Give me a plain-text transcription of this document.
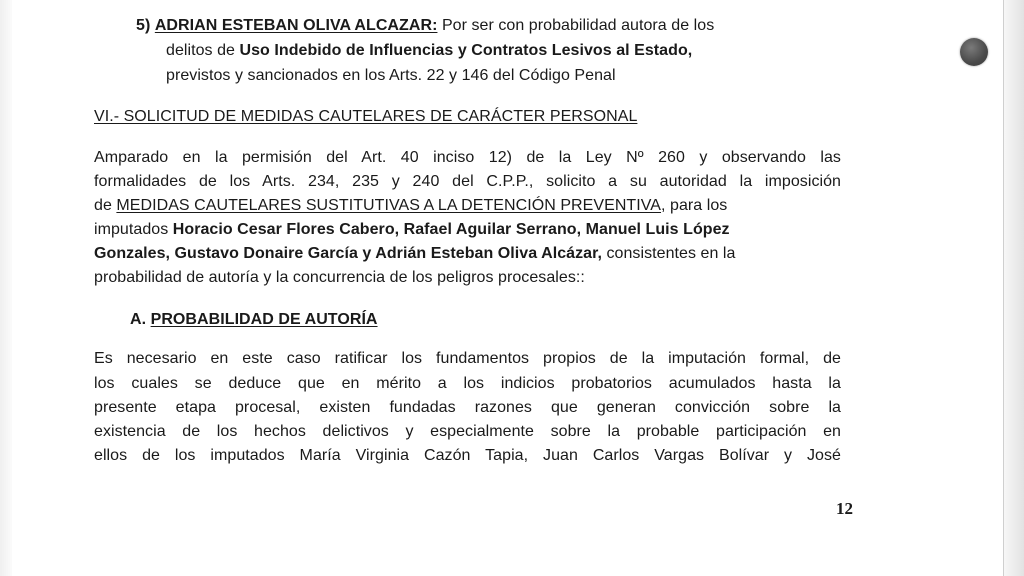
5) ADRIAN ESTEBAN OLIVA ALCAZAR: Por ser con probabilidad autora de los
delitos de Uso Indebido de Influencias y Contratos Lesivos al Estado,
previstos y sancionados en los Arts. 22 y 146 del Código Penal
VI.- SOLICITUD DE MEDIDAS CAUTELARES DE CARÁCTER PERSONAL
Amparado en la permisión del Art. 40 inciso 12) de la Ley Nº 260 y observando las
formalidades de los Arts. 234, 235 y 240 del C.P.P., solicito a su autoridad la imposición
de MEDIDAS CAUTELARES SUSTITUTIVAS A LA DETENCIÓN PREVENTIVA, para los
imputados Horacio Cesar Flores Cabero, Rafael Aguilar Serrano, Manuel Luis López
Gonzales, Gustavo Donaire García y Adrián Esteban Oliva Alcázar, consistentes en la
probabilidad de autoría y la concurrencia de los peligros procesales::
A. PROBABILIDAD DE AUTORÍA
Es necesario en este caso ratificar los fundamentos propios de la imputación formal, de
los cuales se deduce que en mérito a los indicios probatorios acumulados hasta la
presente etapa procesal, existen fundadas razones que generan convicción sobre la
existencia de los hechos delictivos y especialmente sobre la probable participación en
ellos de los imputados María Virginia Cazón Tapia, Juan Carlos Vargas Bolívar y José
12
